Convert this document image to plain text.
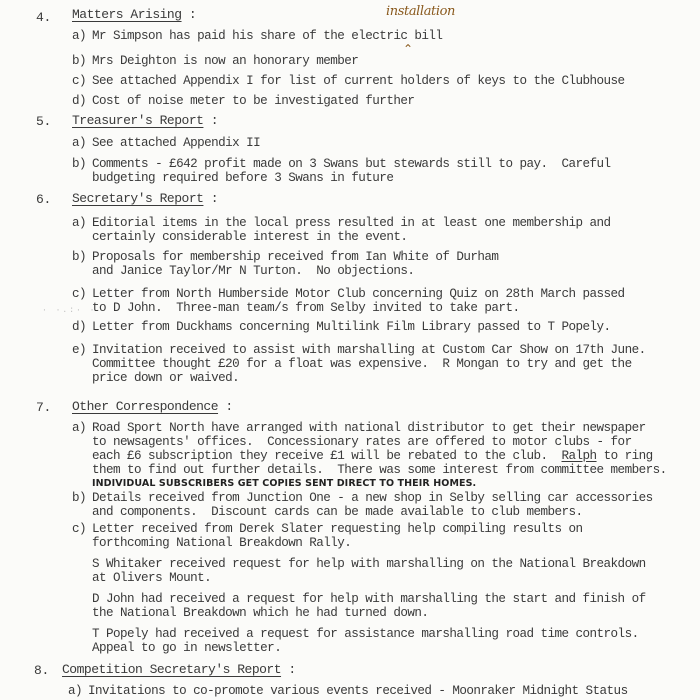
4. Matters Arising :	installation
a) Mr Simpson has paid his share of the electric bill
⌃
b) Mrs Deighton is now an honorary member
c) See attached Appendix I for list of current holders of keys to the Clubhouse
d) Cost of noise meter to be investigated further
5. Treasurer's Report :
a) See attached Appendix II
b) Comments - £642 profit made on 3 Swans but stewards still to pay.  Careful
budgeting required before 3 Swans in future
6. Secretary's Report :
a) Editorial items in the local press resulted in at least one membership and
certainly considerable interest in the event.
b) Proposals for membership received from Ian White of Durham
and Janice Taylor/Mr N Turton.  No objections.
c) Letter from North Humberside Motor Club concerning Quiz on 28th March passed
to D John.  Three-man team/s from Selby invited to take part.
· ·.:· ·
d) Letter from Duckhams concerning Multilink Film Library passed to T Popely.
e) Invitation received to assist with marshalling at Custom Car Show on 17th June.
Committee thought £20 for a float was expensive.  R Mongan to try and get the
price down or waived.
7. Other Correspondence :
a) Road Sport North have arranged with national distributor to get their newspaper
to newsagents' offices.  Concessionary rates are offered to motor clubs - for
each £6 subscription they receive £1 will be rebated to the club.  Ralph to ring
them to find out further details.  There was some interest from committee members.
INDIVIDUAL SUBSCRIBERS GET COPIES SENT DIRECT TO THEIR HOMES.
b) Details received from Junction One - a new shop in Selby selling car accessories
and components.  Discount cards can be made available to club members.
c) Letter received from Derek Slater requesting help compiling results on
forthcoming National Breakdown Rally.
S Whitaker received request for help with marshalling on the National Breakdown
at Olivers Mount.
D John had received a request for help with marshalling the start and finish of
the National Breakdown which he had turned down.
T Popely had received a request for assistance marshalling road time controls.
Appeal to go in newsletter.
8. Competition Secretary's Report :
a) Invitations to co-promote various events received - Moonraker Midnight Status
